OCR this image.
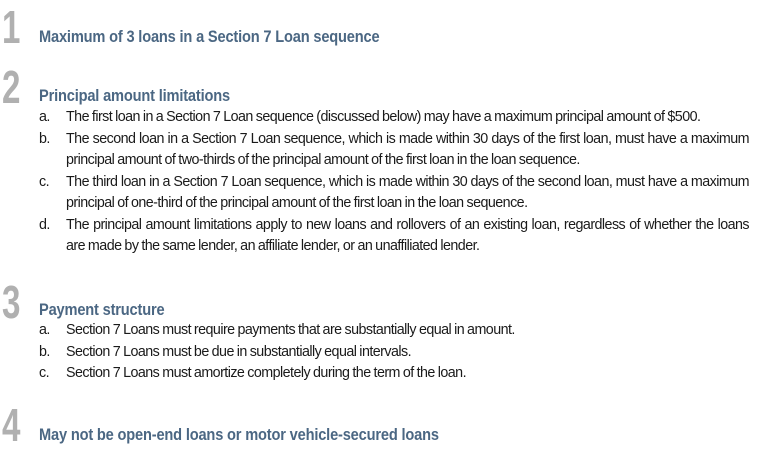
1 Maximum of 3 loans in a Section 7 Loan sequence
2 Principal amount limitations
a. The first loan in a Section 7 Loan sequence (discussed below) may have a maximum principal amount of $500.
b. The second loan in a Section 7 Loan sequence, which is made within 30 days of the first loan, must have a maximum principal amount of two-thirds of the principal amount of the first loan in the loan sequence.
c. The third loan in a Section 7 Loan sequence, which is made within 30 days of the second loan, must have a maximum principal of one-third of the principal amount of the first loan in the loan sequence.
d. The principal amount limitations apply to new loans and rollovers of an existing loan, regardless of whether the loans are made by the same lender, an affiliate lender, or an unaffiliated lender.
3 Payment structure
a. Section 7 Loans must require payments that are substantially equal in amount.
b. Section 7 Loans must be due in substantially equal intervals.
c. Section 7 Loans must amortize completely during the term of the loan.
4 May not be open-end loans or motor vehicle-secured loans
